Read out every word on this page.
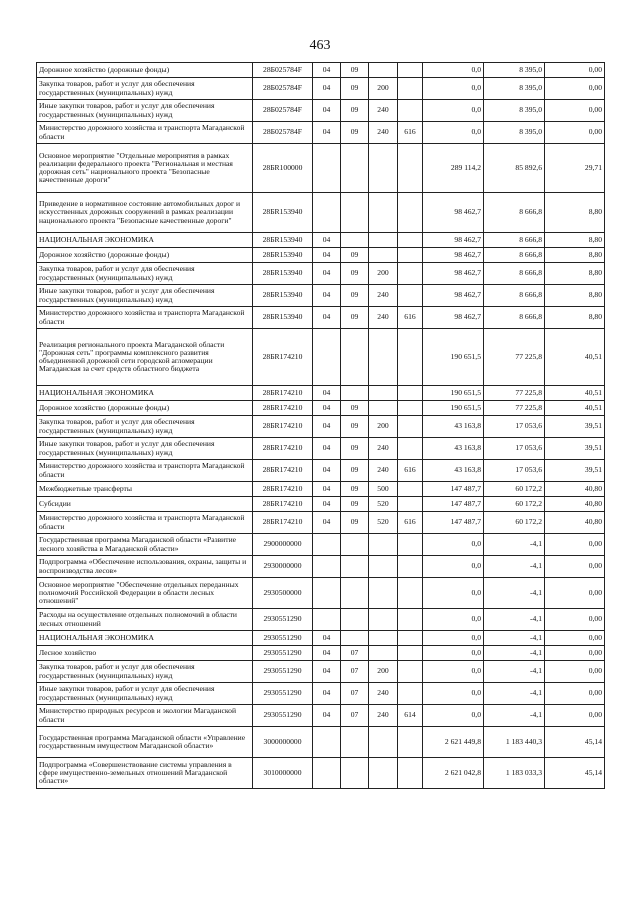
463
Дорожное хозяйство (дорожные фонды)	28Б025784F	04	09			0,0	8 395,0	0,00
Закупка товаров, работ и услуг для обеспечения государственных (муниципальных) нужд	28Б025784F	04	09	200		0,0	8 395,0	0,00
Иные закупки товаров, работ и услуг для обеспечения государственных (муниципальных) нужд	28Б025784F	04	09	240		0,0	8 395,0	0,00
Министерство дорожного хозяйства и транспорта Магаданской области	28Б025784F	04	09	240	616	0,0	8 395,0	0,00
Основное мероприятие "Отдельные мероприятия в рамках реализации федерального проекта "Региональная и местная дорожная сеть" национального проекта "Безопасные качественные дороги"	28БR100000					289 114,2	85 892,6	29,71
Приведение в нормативное состояние автомобильных дорог и искусственных дорожных сооружений в рамках реализации национального проекта "Безопасные качественные дороги"	28БR153940					98 462,7	8 666,8	8,80
НАЦИОНАЛЬНАЯ ЭКОНОМИКА	28БR153940	04				98 462,7	8 666,8	8,80
Дорожное хозяйство (дорожные фонды)	28БR153940	04	09			98 462,7	8 666,8	8,80
Закупка товаров, работ и услуг для обеспечения государственных (муниципальных) нужд	28БR153940	04	09	200		98 462,7	8 666,8	8,80
Иные закупки товаров, работ и услуг для обеспечения государственных (муниципальных) нужд	28БR153940	04	09	240		98 462,7	8 666,8	8,80
Министерство дорожного хозяйства и транспорта Магаданской области	28БR153940	04	09	240	616	98 462,7	8 666,8	8,80
Реализация регионального проекта Магаданской области "Дорожная сеть" программы комплексного развития объединенной дорожной сети городской агломерации Магаданская за счет средств областного бюджета	28БR174210					190 651,5	77 225,8	40,51
НАЦИОНАЛЬНАЯ ЭКОНОМИКА	28БR174210	04				190 651,5	77 225,8	40,51
Дорожное хозяйство (дорожные фонды)	28БR174210	04	09			190 651,5	77 225,8	40,51
Закупка товаров, работ и услуг для обеспечения государственных (муниципальных) нужд	28БR174210	04	09	200		43 163,8	17 053,6	39,51
Иные закупки товаров, работ и услуг для обеспечения государственных (муниципальных) нужд	28БR174210	04	09	240		43 163,8	17 053,6	39,51
Министерство дорожного хозяйства и транспорта Магаданской области	28БR174210	04	09	240	616	43 163,8	17 053,6	39,51
Межбюджетные трансферты	28БR174210	04	09	500		147 487,7	60 172,2	40,80
Субсидии	28БR174210	04	09	520		147 487,7	60 172,2	40,80
Министерство дорожного хозяйства и транспорта Магаданской области	28БR174210	04	09	520	616	147 487,7	60 172,2	40,80
Государственная программа Магаданской области «Развитие лесного хозяйства в Магаданской области»	2900000000					0,0	-4,1	0,00
Подпрограмма «Обеспечение использования, охраны, защиты и воспроизводства лесов»	2930000000					0,0	-4,1	0,00
Основное мероприятие "Обеспечение отдельных переданных полномочий Российской Федерации в области лесных отношений"	2930500000					0,0	-4,1	0,00
Расходы на осуществление отдельных полномочий в области лесных отношений	2930551290					0,0	-4,1	0,00
НАЦИОНАЛЬНАЯ ЭКОНОМИКА	2930551290	04				0,0	-4,1	0,00
Лесное хозяйство	2930551290	04	07			0,0	-4,1	0,00
Закупка товаров, работ и услуг для обеспечения государственных (муниципальных) нужд	2930551290	04	07	200		0,0	-4,1	0,00
Иные закупки товаров, работ и услуг для обеспечения государственных (муниципальных) нужд	2930551290	04	07	240		0,0	-4,1	0,00
Министерство природных ресурсов и экологии Магаданской области	2930551290	04	07	240	614	0,0	-4,1	0,00
Государственная программа Магаданской области «Управление государственным имуществом Магаданской области»	3000000000					2 621 449,8	1 183 440,3	45,14
Подпрограмма «Совершенствование системы управления в сфере имущественно-земельных отношений Магаданской области»	3010000000					2 621 042,8	1 183 033,3	45,14
